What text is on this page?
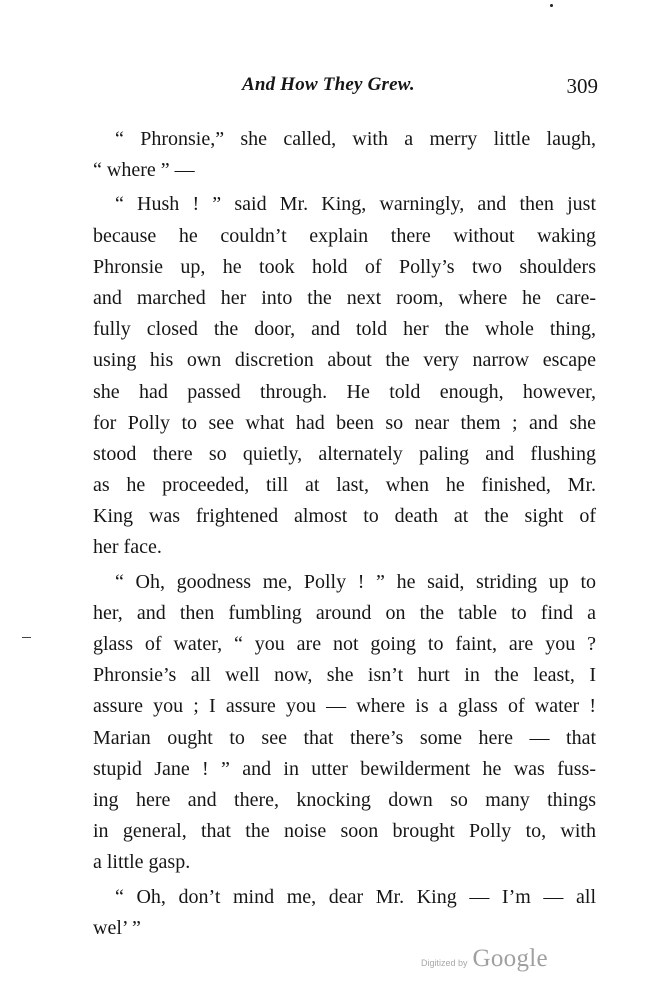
And How They Grew.	309
“ Phronsie,” she called, with a merry little laugh,
“ where ” —
“ Hush ! ” said Mr. King, warningly, and then just
because he couldn’t explain there without waking
Phronsie up, he took hold of Polly’s two shoulders
and marched her into the next room, where he care-
fully closed the door, and told her the whole thing,
using his own discretion about the very narrow escape
she had passed through. He told enough, however,
for Polly to see what had been so near them ; and she
stood there so quietly, alternately paling and flushing
as he proceeded, till at last, when he finished, Mr.
King was frightened almost to death at the sight of
her face.
“ Oh, goodness me, Polly ! ” he said, striding up to
her, and then fumbling around on the table to find a
glass of water, “ you are not going to faint, are you ?
Phronsie’s all well now, she isn’t hurt in the least, I
assure you ; I assure you — where is a glass of water !
Marian ought to see that there’s some here — that
stupid Jane ! ” and in utter bewilderment he was fuss-
ing here and there, knocking down so many things
in general, that the noise soon brought Polly to, with
a little gasp.
“ Oh, don’t mind me, dear Mr. King — I’m — all
wel’ ”
Digitized by Google
